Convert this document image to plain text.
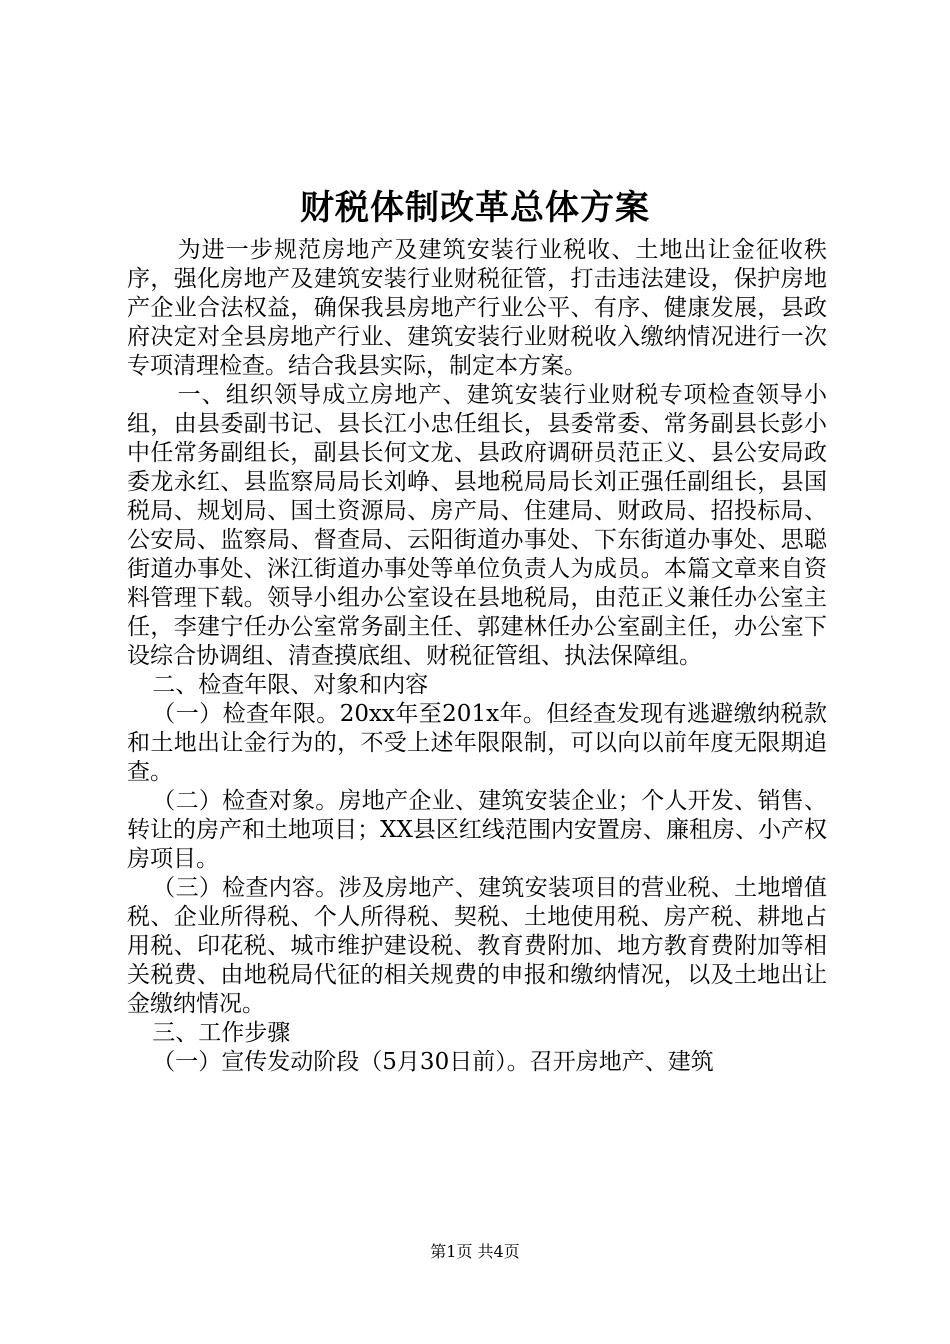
财税体制改革总体方案

为进一步规范房地产及建筑安装行业税收、土地出让金征收秩序，强化房地产及建筑安装行业财税征管，打击违法建设，保护房地产企业合法权益，确保我县房地产行业公平、有序、健康发展，县政府决定对全县房地产行业、建筑安装行业财税收入缴纳情况进行一次专项清理检查。结合我县实际，制定本方案。

一、组织领导成立房地产、建筑安装行业财税专项检查领导小组，由县委副书记、县长江小忠任组长，县委常委、常务副县长彭小中任常务副组长，副县长何文龙、县政府调研员范正义、县公安局政委龙永红、县监察局局长刘峥、县地税局局长刘正强任副组长，县国税局、规划局、国土资源局、房产局、住建局、财政局、招投标局、公安局、监察局、督查局、云阳街道办事处、下东街道办事处、思聪街道办事处、洣江街道办事处等单位负责人为成员。本篇文章来自资料管理下载。领导小组办公室设在县地税局，由范正义兼任办公室主任，李建宁任办公室常务副主任、郭建林任办公室副主任，办公室下设综合协调组、清查摸底组、财税征管组、执法保障组。

二、检查年限、对象和内容

（一）检查年限。20xx年至201x年。但经查发现有逃避缴纳税款和土地出让金行为的，不受上述年限限制，可以向以前年度无限期追查。

（二）检查对象。房地产企业、建筑安装企业；个人开发、销售、转让的房产和土地项目；XX县区红线范围内安置房、廉租房、小产权房项目。

（三）检查内容。涉及房地产、建筑安装项目的营业税、土地增值税、企业所得税、个人所得税、契税、土地使用税、房产税、耕地占用税、印花税、城市维护建设税、教育费附加、地方教育费附加等相关税费、由地税局代征的相关规费的申报和缴纳情况，以及土地出让金缴纳情况。

三、工作步骤

（一）宣传发动阶段（5月30日前）。召开房地产、建筑

第1页 共4页
